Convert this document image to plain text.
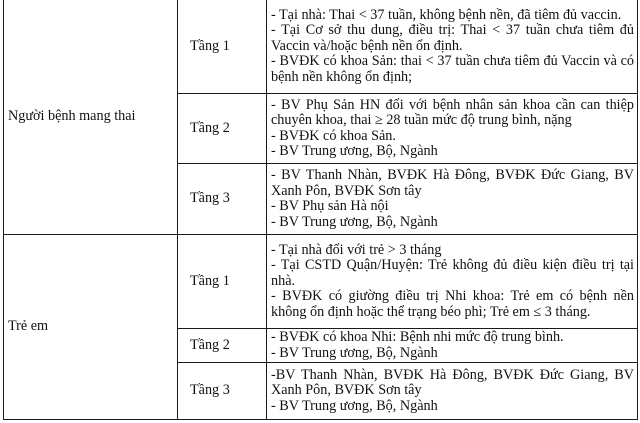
Người bệnh mang thai	Tầng 1	- Tại nhà: Thai < 37 tuần, không bệnh nền, đã tiêm đủ vaccin.
- Tại Cơ sở thu dung, điều trị: Thai < 37 tuần chưa tiêm đủ Vaccin và/hoặc bệnh nền ổn định.
- BVĐK có khoa Sản: thai < 37 tuần chưa tiêm đủ Vaccin và có bệnh nền không ổn định;

	Tầng 2	- BV Phụ Sản HN đối với bệnh nhân sản khoa cần can thiệp chuyên khoa, thai ≥ 28 tuần mức độ trung bình, nặng
- BVĐK có khoa Sản.
- BV Trung ương, Bộ, Ngành

	Tầng 3	- BV Thanh Nhàn, BVĐK Hà Đông, BVĐK Đức Giang, BV Xanh Pôn, BVĐK Sơn tây
- BV Phụ sản Hà nội
- BV Trung ương, Bộ, Ngành

Trẻ em	Tầng 1	- Tại nhà đối với trẻ > 3 tháng
- Tại CSTD Quận/Huyện: Trẻ không đủ điều kiện điều trị tại nhà.
- BVĐK có giường điều trị Nhi khoa: Trẻ em có bệnh nền không ổn định hoặc thể trạng béo phì; Trẻ em ≤ 3 tháng.

	Tầng 2	- BVĐK có khoa Nhi: Bệnh nhi mức độ trung bình.
- BV Trung ương, Bộ, Ngành

	Tầng 3	-BV Thanh Nhàn, BVĐK Hà Đông, BVĐK Đức Giang, BV Xanh Pôn, BVĐK Sơn tây
- BV Trung ương, Bộ, Ngành
